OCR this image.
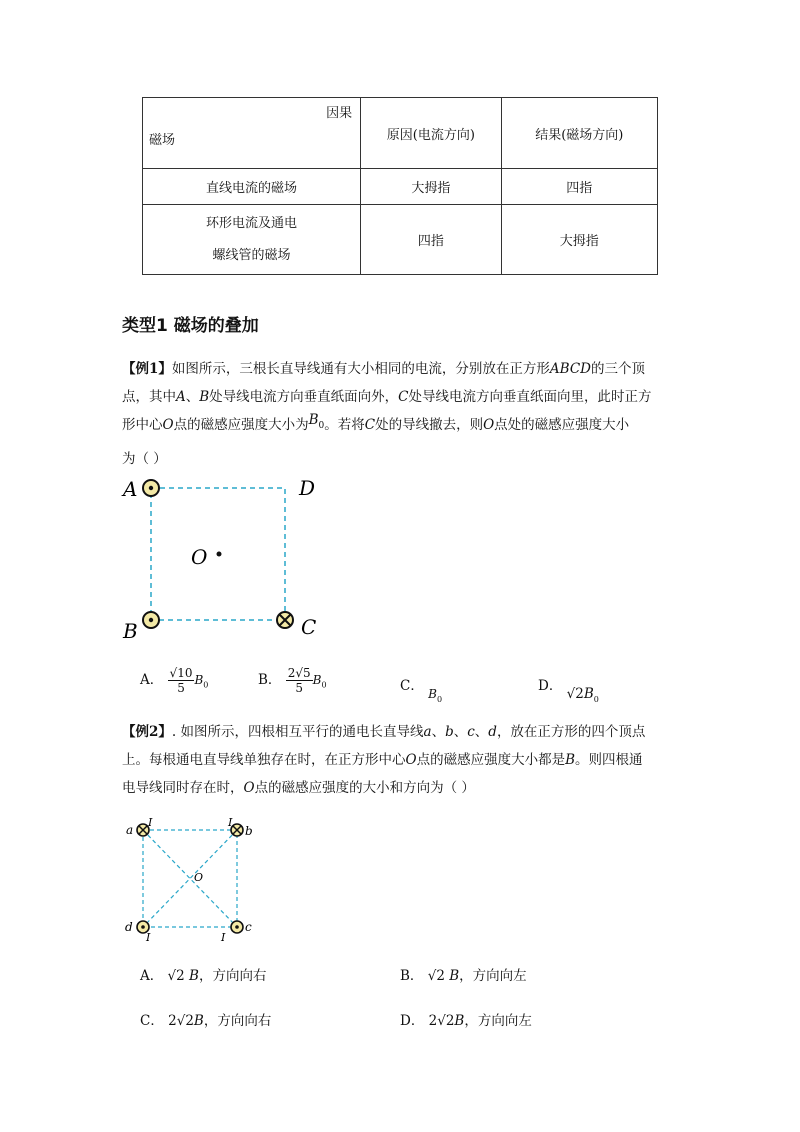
因果
磁场	原因(电流方向)	结果(磁场方向)
直线电流的磁场	大拇指	四指

环形电流及通电
螺线管的磁场	四指	大拇指
类型1 磁场的叠加
【例1】如图所示，三根长直导线通有大小相同的电流，分别放在正方形ABCD的三个顶
点，其中A、B处导线电流方向垂直纸面向外，C处导线电流方向垂直纸面向里，此时正方
形中心O点的磁感应强度大小为$B_0$。若将C处的导线撤去，则O点处的磁感应强度大小
为（ ）
A	D
O
B	C
A． $\frac{√10}{5} B_0$	B． $\frac{2√5}{5} B_0$	C． $B_0$
D． $√2B_0$
【例2】. 如图所示，四根相互平行的通电长直导线a、b、c、d，放在正方形的四个顶点
上。每根通电直导线单独存在时，在正方形中心O点的磁感应强度大小都是B。则四根通
电导线同时存在时，O点的磁感应强度的大小和方向为（ ）
a
I	I
b
O
d
I	I
c
A． √2 B，方向向右	B． √2 B，方向向左
C． 2√2B，方向向右	D． 2√2B，方向向左
